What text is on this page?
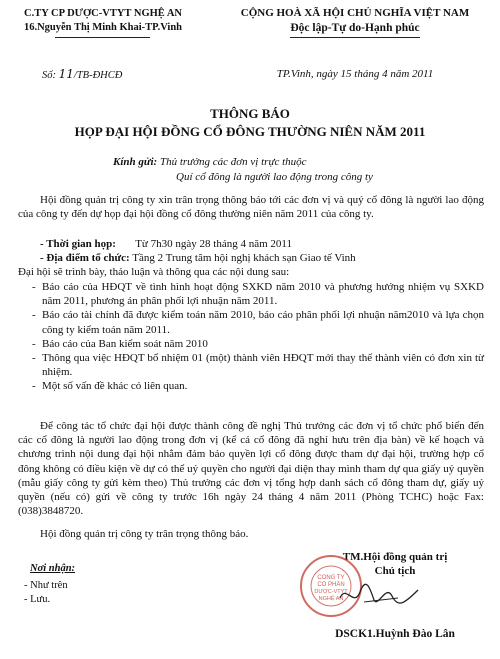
C.TY CP DƯỢC-VTYT NGHỆ AN
16.Nguyễn Thị Minh Khai-TP.Vinh
Số: 11/TB-ĐHCĐ
CỘNG HOÀ XÃ HỘI CHỦ NGHĨA VIỆT NAM
Độc lập-Tự do-Hạnh phúc
TP.Vinh, ngày 15 tháng 4 năm 2011
THÔNG BÁO
HỌP ĐẠI HỘI ĐỒNG CỔ ĐÔNG THƯỜNG NIÊN NĂM 2011
Kính gửi: Thủ trưởng các đơn vị trực thuộc
Quí cổ đông là người lao động trong công ty
Hội đồng quản trị công ty xin trân trọng thông báo tới các đơn vị và quý cổ đông là người lao động của công ty đến dự họp đại hội đồng cổ đông thường niên năm 2011 của công ty.
- Thời gian họp: Từ 7h30 ngày 28 tháng 4 năm 2011
- Địa điểm tổ chức: Tầng 2 Trung tâm hội nghị khách sạn Giao tế Vinh
Đại hội sẽ trình bày, thảo luận và thông qua các nội dung sau:
- Báo cáo của HĐQT về tình hình hoạt động SXKD năm 2010 và phương hướng nhiệm vụ SXKD năm 2011, phương án phân phối lợi nhuận năm 2011.
- Báo cáo tài chính đã được kiểm toán năm 2010, báo cáo phân phối lợi nhuận năm2010 và lựa chọn công ty kiểm toán năm 2011.
- Báo cáo của Ban kiểm soát năm 2010
- Thông qua việc HĐQT bổ nhiệm 01 (một) thành viên HĐQT mới thay thế thành viên có đơn xin từ nhiệm.
- Một số vấn đề khác có liên quan.
Để công tác tổ chức đại hội được thành công đề nghị Thủ trưởng các đơn vị tổ chức phổ biến đến các cổ đông là người lao động trong đơn vị (kể cả cổ đông đã nghỉ hưu trên địa bàn) về kế hoạch và chương trình nội dung đại hội nhằm đảm bảo quyền lợi cổ đông được tham dự đại hội, trường hợp cổ đông không có điều kiện về dự có thể uỷ quyền cho người đại diện thay mình tham dự qua giấy uỷ quyền (mẫu giấy công ty gửi kèm theo) Thủ trưởng các đơn vị tổng hợp danh sách cổ đông tham dự, giấy uỷ quyền (nếu có) gửi về công ty trước 16h ngày 24 tháng 4 năm 2011 (Phòng TCHC) hoặc Fax: (038)3848720.
Hội đồng quản trị công ty trân trọng thông báo.
Nơi nhận:
- Như trên
- Lưu.
TM.Hội đồng quản trị
Chủ tịch
CÔNG TY
CỔ PHẦN
DƯỢC-VTYT
NGHỆ AN
DSCK1.Huỳnh Đào Lân
